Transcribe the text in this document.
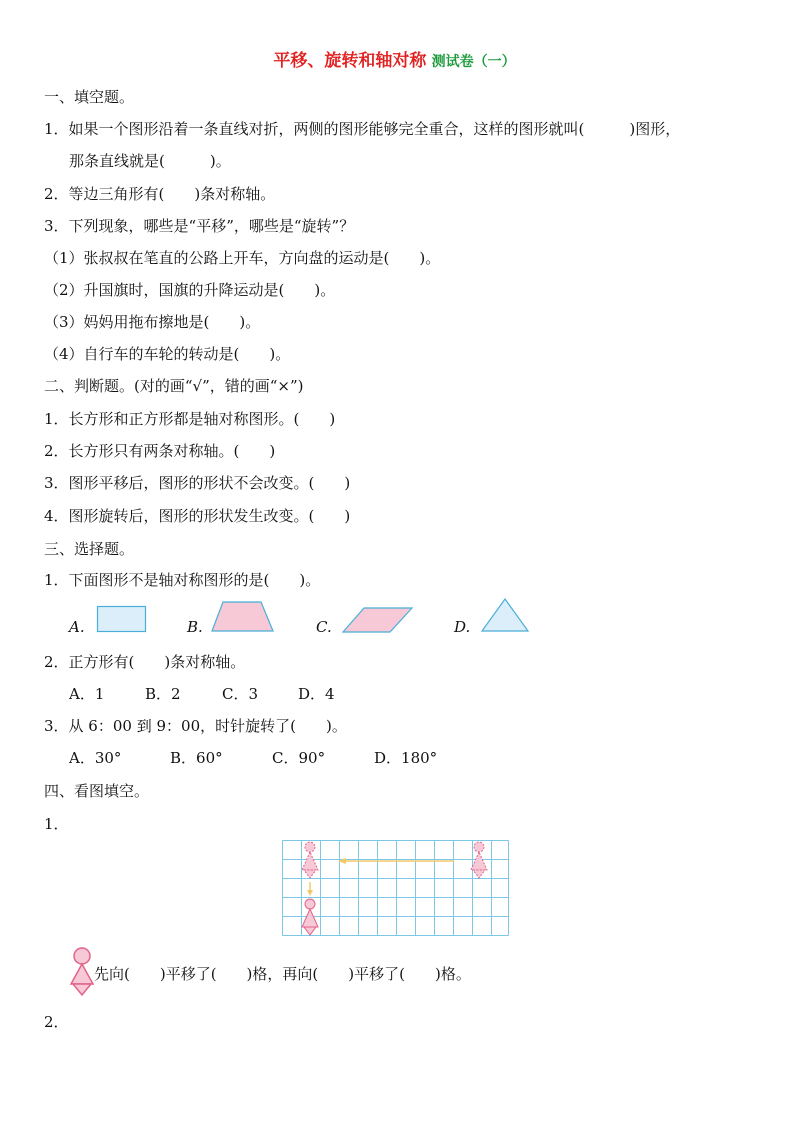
平移、旋转和轴对称 测试卷（一）
一、填空题。
1．如果一个图形沿着一条直线对折，两侧的图形能够完全重合，这样的图形就叫(　　　)图形，
那条直线就是(　　　)。
2．等边三角形有(　　)条对称轴。
3．下列现象，哪些是“平移”，哪些是“旋转”？
（1）张叔叔在笔直的公路上开车，方向盘的运动是(　　)。
（2）升国旗时，国旗的升降运动是(　　)。
（3）妈妈用拖布擦地是(　　)。
（4）自行车的车轮的转动是(　　)。
二、判断题。(对的画“√”，错的画“×”)
1．长方形和正方形都是轴对称图形。(　　)
2．长方形只有两条对称轴。(　　)
3．图形平移后，图形的形状不会改变。(　　)
4．图形旋转后，图形的形状发生改变。(　　)
三、选择题。
1．下面图形不是轴对称图形的是(　　)。
A.	B.	C.	D.
2．正方形有(　　)条对称轴。
A．1	B．2	C．3	D．4
3．从 6：00 到 9：00，时针旋转了(　　)。
A．30°	B．60°	C．90°	D．180°
四、看图填空。
1．
先向(　　)平移了(　　)格，再向(　　)平移了(　　)格。
2．
